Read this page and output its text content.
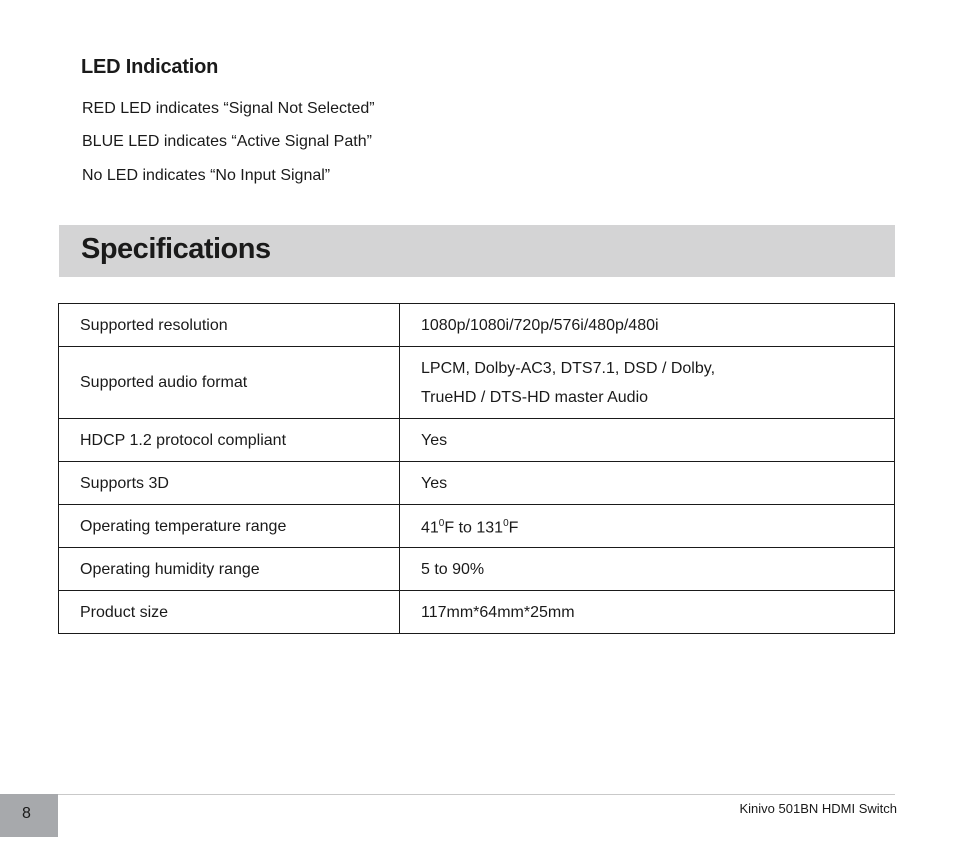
LED Indication

RED LED indicates “Signal Not Selected”

BLUE LED indicates “Active Signal Path”

No LED indicates “No Input Signal”

Specifications
Supported resolution	1080p/1080i/720p/576i/480p/480i
Supported audio format	LPCM, Dolby-AC3, DTS7.1, DSD / Dolby,
TrueHD / DTS-HD master Audio
HDCP 1.2 protocol compliant	Yes
Supports 3D	Yes
Operating temperature range	$41^0F$ to $131^0F$
Operating humidity range	5 to 90%
Product size	117mm*64mm*25mm
8	Kinivo 501BN HDMI Switch
